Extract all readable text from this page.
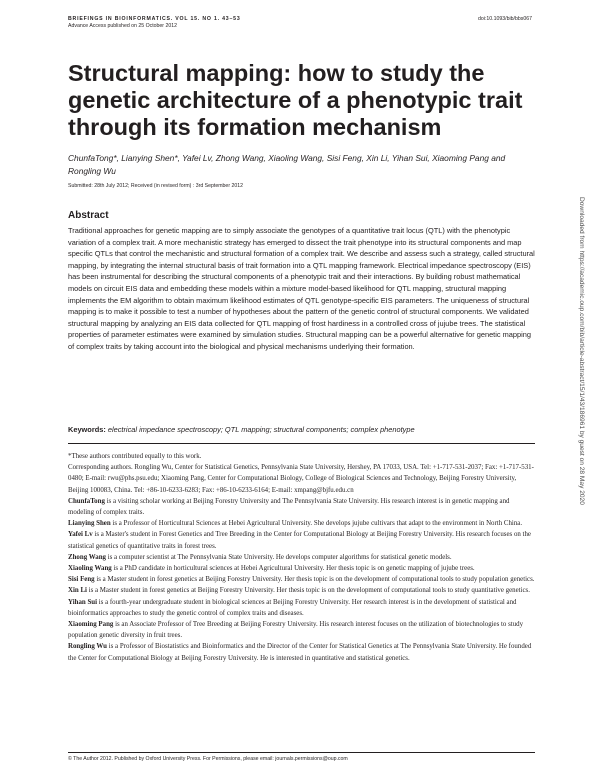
BRIEFINGS IN BIOINFORMATICS. VOL 15. NO 1. 43–53
Advance Access published on 25 October 2012
doi:10.1093/bib/bbs067
Structural mapping: how to study the genetic architecture of a phenotypic trait through its formation mechanism
ChunfaTong*, Lianying Shen*, Yafei Lv, Zhong Wang, Xiaoling Wang, Sisi Feng, Xin Li, Yihan Sui, Xiaoming Pang and Rongling Wu
Submitted: 28th July 2012; Received (in revised form) : 3rd September 2012
Abstract

Traditional approaches for genetic mapping are to simply associate the genotypes of a quantitative trait locus (QTL) with the phenotypic variation of a complex trait. A more mechanistic strategy has emerged to dissect the trait phenotype into its structural components and map specific QTLs that control the mechanistic and structural formation of a complex trait. We describe and assess such a strategy, called structural mapping, by integrating the internal structural basis of trait formation into a QTL mapping framework. Electrical impedance spectroscopy (EIS) has been instrumental for describing the structural components of a phenotypic trait and their interactions. By building robust mathematical models on circuit EIS data and embedding these models within a mixture model-based likelihood for QTL mapping, structural mapping implements the EM algorithm to obtain maximum likelihood estimates of QTL genotype-specific EIS parameters. The uniqueness of structural mapping is to make it possible to test a number of hypotheses about the pattern of the genetic control of structural components. We validated structural mapping by analyzing an EIS data collected for QTL mapping of frost hardiness in a controlled cross of jujube trees. The statistical properties of parameter estimates were examined by simulation studies. Structural mapping can be a powerful alternative for genetic mapping of complex traits by taking account into the biological and physical mechanisms underlying their formation.

Keywords: electrical impedance spectroscopy; QTL mapping; structural components; complex phenotype

*These authors contributed equally to this work.

Corresponding authors. Rongling Wu, Center for Statistical Genetics, Pennsylvania State University, Hershey, PA 17033, USA. Tel: +1-717-531-2037; Fax: +1-717-531-0480; E-mail: rwu@phs.psu.edu; Xiaoming Pang, Center for Computational Biology, College of Biological Sciences and Technology, Beijing Forestry University, Beijing 100083, China. Tel: +86-10-6233-6283; Fax: +86-10-6233-6164; E-mail: xmpang@bjfu.edu.cn

ChunfaTong is a visiting scholar working at Beijing Forestry University and The Pennsylvania State University. His research interest is in genetic mapping and modeling of complex traits.

Lianying Shen is a Professor of Horticultural Sciences at Hebei Agricultural University. She develops jujube cultivars that adapt to the environment in North China.

Yafei Lv is a Master's student in Forest Genetics and Tree Breeding in the Center for Computational Biology at Beijing Forestry University. His research focuses on the statistical genetics of quantitative traits in forest trees.

Zhong Wang is a computer scientist at The Pennsylvania State University. He develops computer algorithms for statistical genetic models.

Xiaoling Wang is a PhD candidate in horticultural sciences at Hebei Agricultural University. Her thesis topic is on genetic mapping of jujube trees.

Sisi Feng is a Master student in forest genetics at Beijing Forestry University. Her thesis topic is on the development of computational tools to study population genetics.

Xin Li is a Master student in forest genetics at Beijing Forestry University. Her thesis topic is on the development of computational tools to study quantitative genetics.

Yihan Sui is a fourth-year undergraduate student in biological sciences at Beijing Forestry University. Her research interest is in the development of statistical and bioinformatics approaches to study the genetic control of complex traits and diseases.

Xiaoming Pang is an Associate Professor of Tree Breeding at Beijing Forestry University. His research interest focuses on the utilization of biotechnologies to study population genetic diversity in fruit trees.

Rongling Wu is a Professor of Biostatistics and Bioinformatics and the Director of the Center for Statistical Genetics at The Pennsylvania State University. He founded the Center for Computational Biology at Beijing Forestry University. He is interested in quantitative and statistical genetics.

© The Author 2012. Published by Oxford University Press. For Permissions, please email: journals.permissions@oup.com
Downloaded from https://academic.oup.com/bib/article-abstract/15/1/43/186961 by guest on 28 May 2020
